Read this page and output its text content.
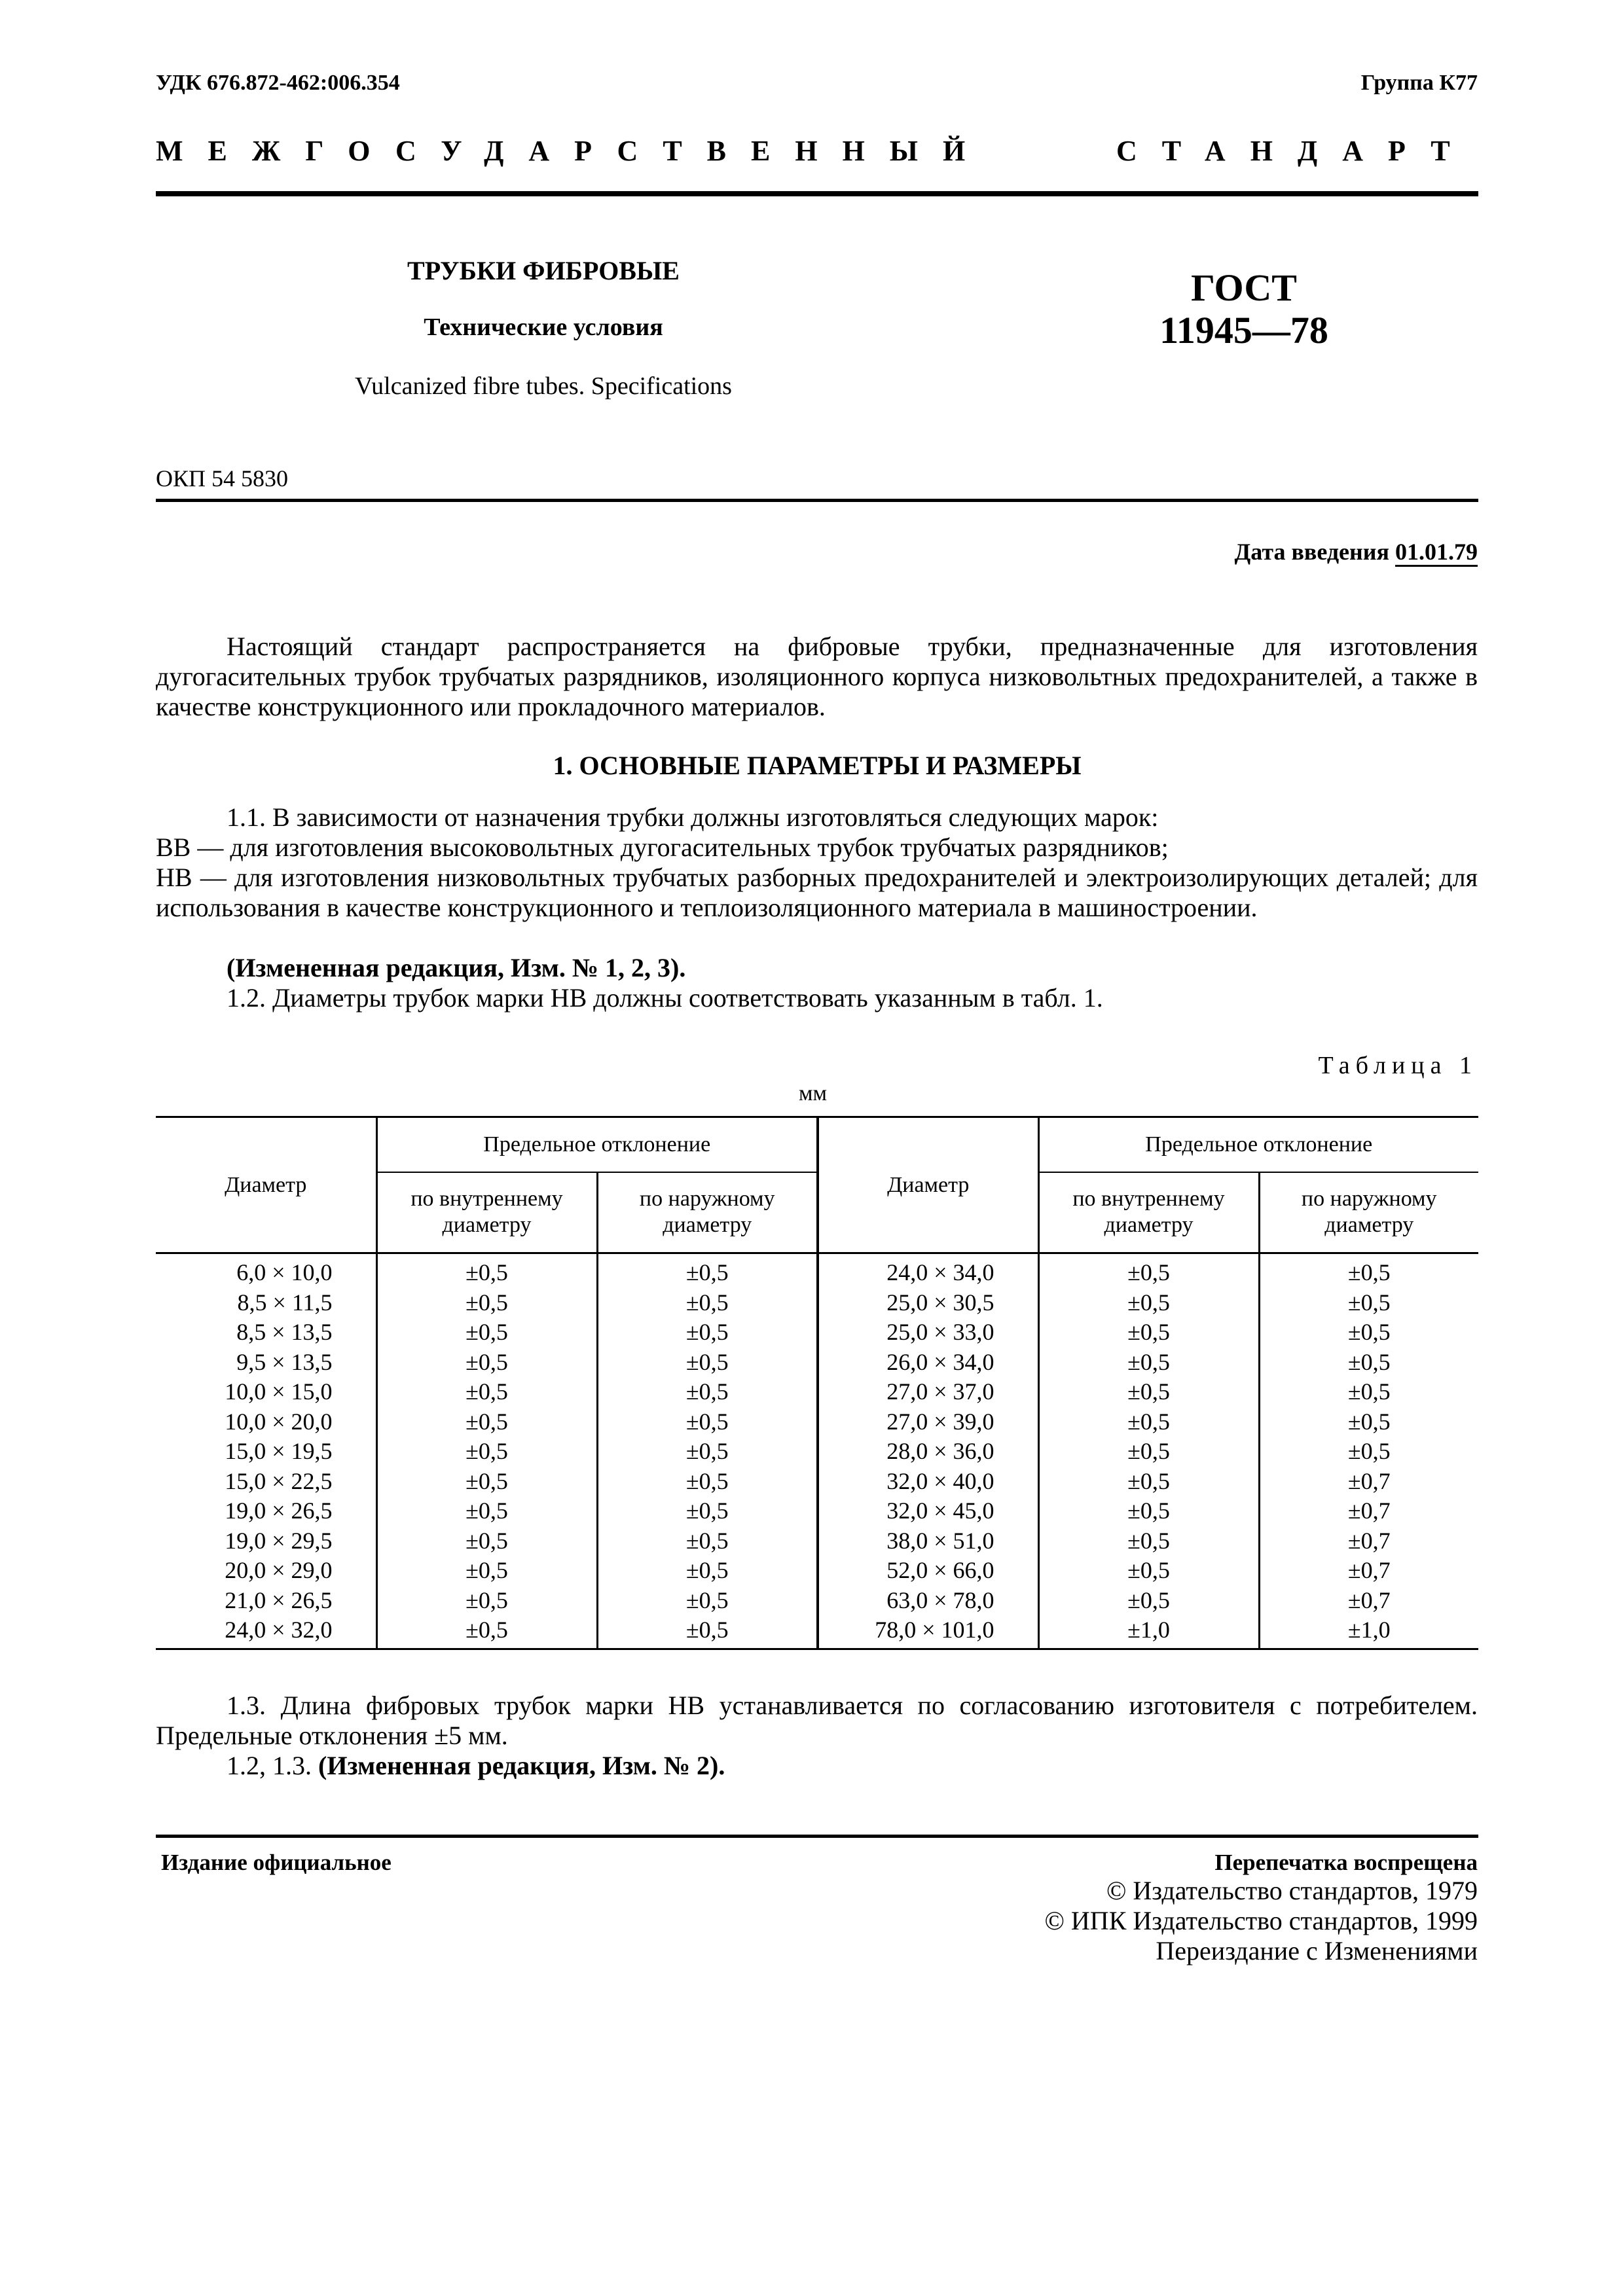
УДК 676.872-462:006.354	Группа К77
МЕЖГОСУДАРСТВЕННЫЙ	СТАНДАРТ
ТРУБКИ ФИБРОВЫЕ
Технические условия
Vulcanized fibre tubes. Specifications
ГОСТ
11945—78
ОКП 54 5830
Дата введения 01.01.79
Настоящий стандарт распространяется на фибровые трубки, предназначенные для изготовления дугогасительных трубок трубчатых разрядников, изоляционного корпуса низковольтных предохранителей, а также в качестве конструкционного или прокладочного материалов.
1. ОСНОВНЫЕ ПАРАМЕТРЫ И РАЗМЕРЫ
1.1. В зависимости от назначения трубки должны изготовляться следующих марок:
ВВ — для изготовления высоковольтных дугогасительных трубок трубчатых разрядников;
НВ — для изготовления низковольтных трубчатых разборных предохранителей и электроизолирующих деталей; для использования в качестве конструкционного и теплоизоляционного материала в машиностроении.
(Измененная редакция, Изм. № 1, 2, 3).
1.2. Диаметры трубок марки НВ должны соответствовать указанным в табл. 1.
Таблица 1
мм
Диаметр	Предельное отклонение		Диаметр	Предельное отклонение	
	по внутреннему диаметру	по наружному диаметру		по внутреннему диаметру	по наружному диаметру
6,0 × 10,0	±0,5	±0,5	24,0 × 34,0	±0,5	±0,5
8,5 × 11,5	±0,5	±0,5	25,0 × 30,5	±0,5	±0,5
8,5 × 13,5	±0,5	±0,5	25,0 × 33,0	±0,5	±0,5
9,5 × 13,5	±0,5	±0,5	26,0 × 34,0	±0,5	±0,5
10,0 × 15,0	±0,5	±0,5	27,0 × 37,0	±0,5	±0,5
10,0 × 20,0	±0,5	±0,5	27,0 × 39,0	±0,5	±0,5
15,0 × 19,5	±0,5	±0,5	28,0 × 36,0	±0,5	±0,5
15,0 × 22,5	±0,5	±0,5	32,0 × 40,0	±0,5	±0,7
19,0 × 26,5	±0,5	±0,5	32,0 × 45,0	±0,5	±0,7
19,0 × 29,5	±0,5	±0,5	38,0 × 51,0	±0,5	±0,7
20,0 × 29,0	±0,5	±0,5	52,0 × 66,0	±0,5	±0,7
21,0 × 26,5	±0,5	±0,5	63,0 × 78,0	±0,5	±0,7
24,0 × 32,0	±0,5	±0,5	78,0 × 101,0	±1,0	±1,0
1.3. Длина фибровых трубок марки НВ устанавливается по согласованию изготовителя с потребителем. Предельные отклонения ±5 мм.
1.2, 1.3. (Измененная редакция, Изм. № 2).
Издание официальное	Перепечатка воспрещена
© Издательство стандартов, 1979
© ИПК Издательство стандартов, 1999
Переиздание с Изменениями
